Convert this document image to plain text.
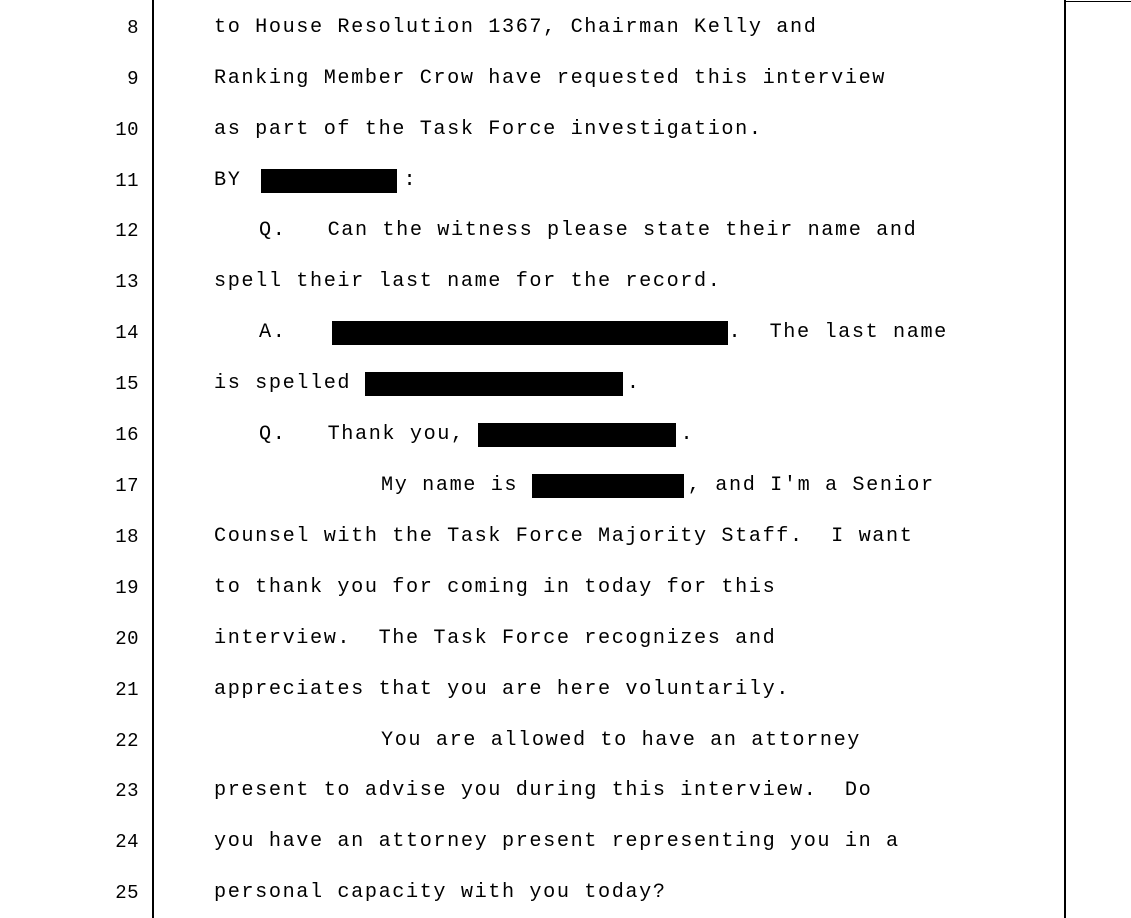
8	to House Resolution 1367, Chairman Kelly and
9	Ranking Member Crow have requested this interview
10	as part of the Task Force investigation.
11	BY	:
12	Q.   Can the witness please state their name and
13	spell their last name for the record.
14	A.	.  The last name
15	is spelled	.
16	Q.   Thank you,	.
17	My name is	, and I'm a Senior
18	Counsel with the Task Force Majority Staff.  I want
19	to thank you for coming in today for this
20	interview.  The Task Force recognizes and
21	appreciates that you are here voluntarily.
22	You are allowed to have an attorney
23	present to advise you during this interview.  Do
24	you have an attorney present representing you in a
25	personal capacity with you today?
